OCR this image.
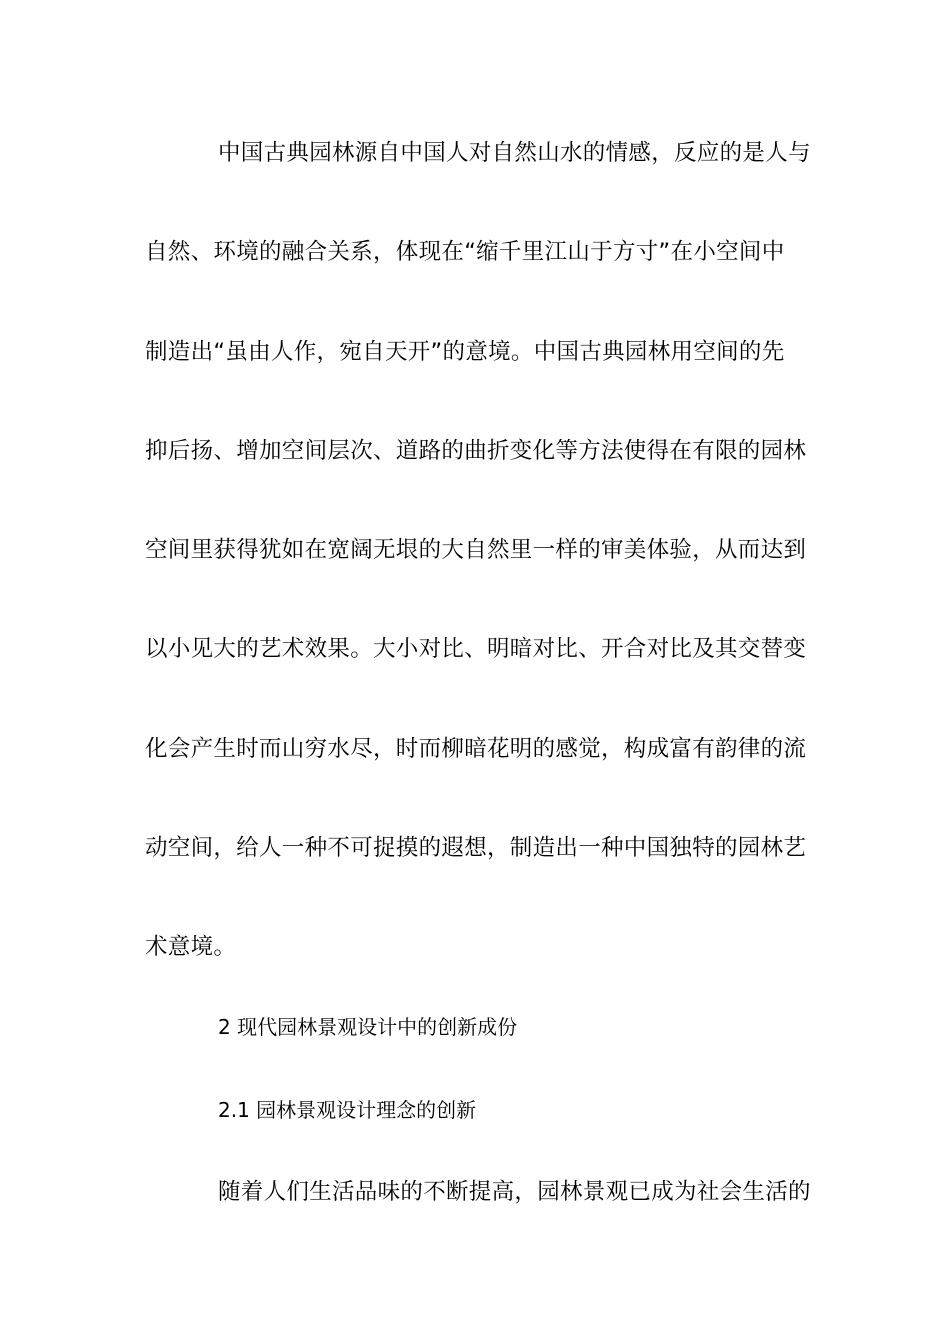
中国古典园林源自中国人对自然山水的情感，反应的是人与
自然、环境的融合关系，体现在“缩千里江山于方寸”在小空间中
制造出“虽由人作，宛自天开”的意境。中国古典园林用空间的先
抑后扬、增加空间层次、道路的曲折变化等方法使得在有限的园林
空间里获得犹如在宽阔无垠的大自然里一样的审美体验，从而达到
以小见大的艺术效果。大小对比、明暗对比、开合对比及其交替变
化会产生时而山穷水尽，时而柳暗花明的感觉，构成富有韵律的流
动空间，给人一种不可捉摸的遐想，制造出一种中国独特的园林艺
术意境。
2 现代园林景观设计中的创新成份
2.1 园林景观设计理念的创新
随着人们生活品味的不断提高，园林景观已成为社会生活的
